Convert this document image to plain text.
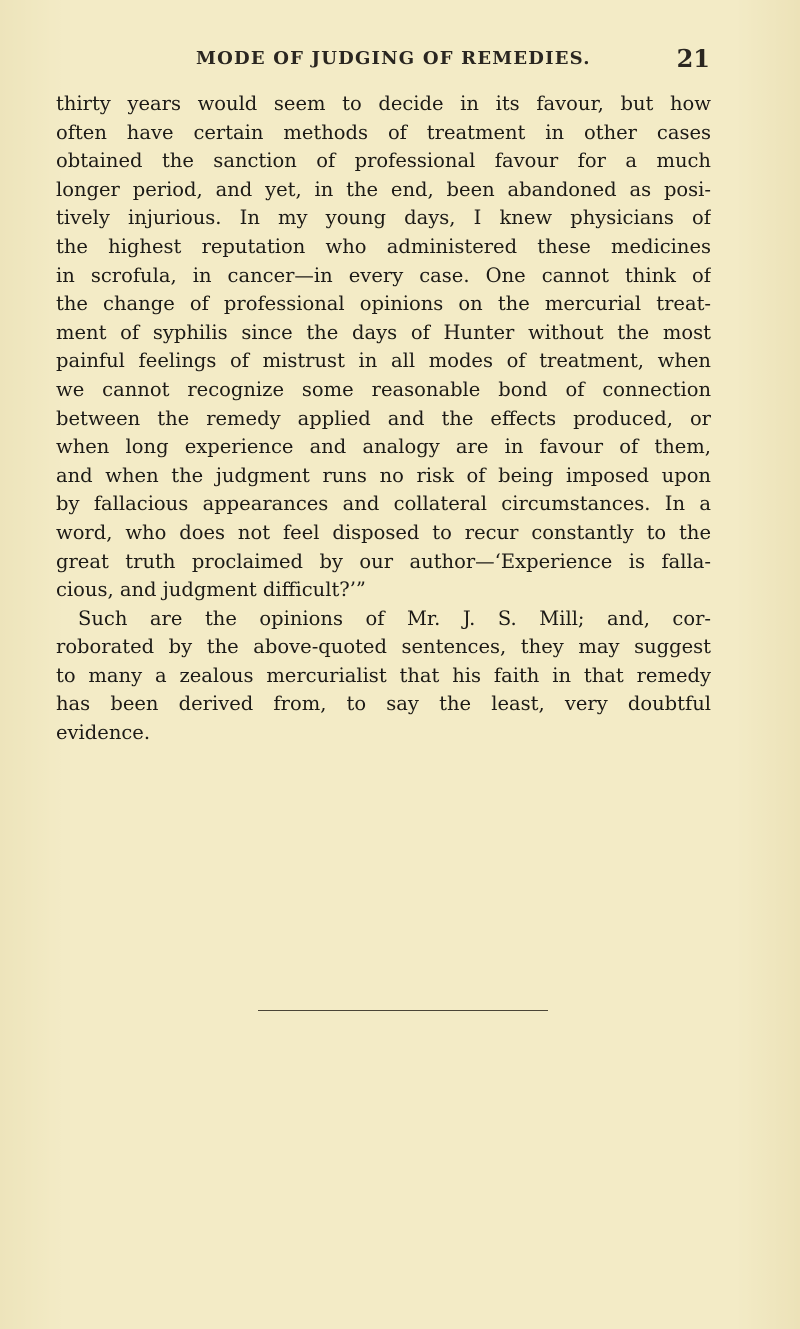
MODE OF JUDGING OF REMEDIES.	21
thirty years would seem to decide in its favour, but how
often have certain methods of treatment in other cases
obtained the sanction of professional favour for a much
longer period, and yet, in the end, been abandoned as posi-
tively injurious. In my young days, I knew physicians of
the highest reputation who administered these medicines
in scrofula, in cancer—in every case. One cannot think of
the change of professional opinions on the mercurial treat-
ment of syphilis since the days of Hunter without the most
painful feelings of mistrust in all modes of treatment, when
we cannot recognize some reasonable bond of connection
between the remedy applied and the effects produced, or
when long experience and analogy are in favour of them,
and when the judgment runs no risk of being imposed upon
by fallacious appearances and collateral circumstances. In a
word, who does not feel disposed to recur constantly to the
great truth proclaimed by our author—‘Experience is falla-
cious, and judgment difficult?’”
Such are the opinions of Mr. J. S. Mill; and, cor-
roborated by the above-quoted sentences, they may suggest
to many a zealous mercurialist that his faith in that remedy
has been derived from, to say the least, very doubtful
evidence.
